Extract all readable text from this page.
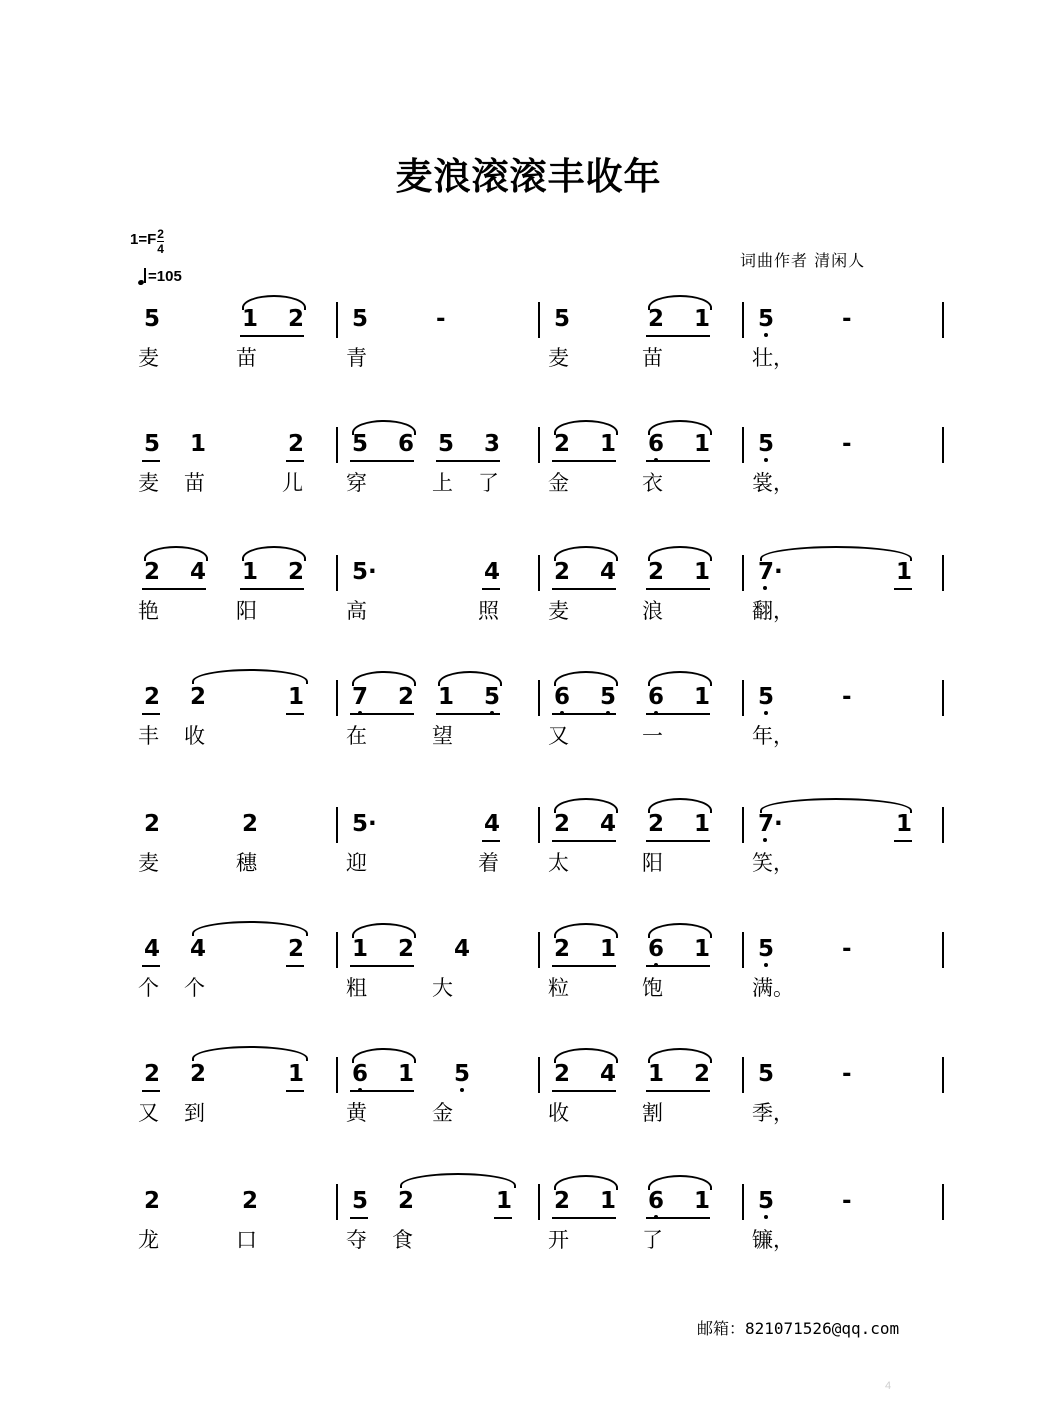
麦浪滚滚丰收年
$1=F \frac{2}{4}$
=105
词曲作者 清闲人
5	1 2 5	-	5	2 1 5	-
麦	苗	青	麦	苗	壮，
5 1	2 5 6 5 3 2 1 6 1 5	-
麦 苗	儿 穿	上 了 金	衣	裳，
2 4 1 2 5·	4 2 4 2 1 7·	1
艳	阳	高	照 麦	浪	翻，
2 2	1 7 2 1 5 6 5 6 1 5	-
丰 收	在	望	又	一	年，
2	2	5·	4 2 4 2 1 7·	1
麦	穗	迎	着 太	阳	笑，
4 4	2 1 2 4	2 1 6 1 5	-
个 个	粗	大	粒	饱	满。
2 2	1 6 1 5	2 4 1 2 5	-
又 到	黄	金	收	割	季，
2	2	5 2	1 2 1 6 1 5	-
龙	口	夺 食	开	了	镰，
邮箱：821071526@qq.com
4
